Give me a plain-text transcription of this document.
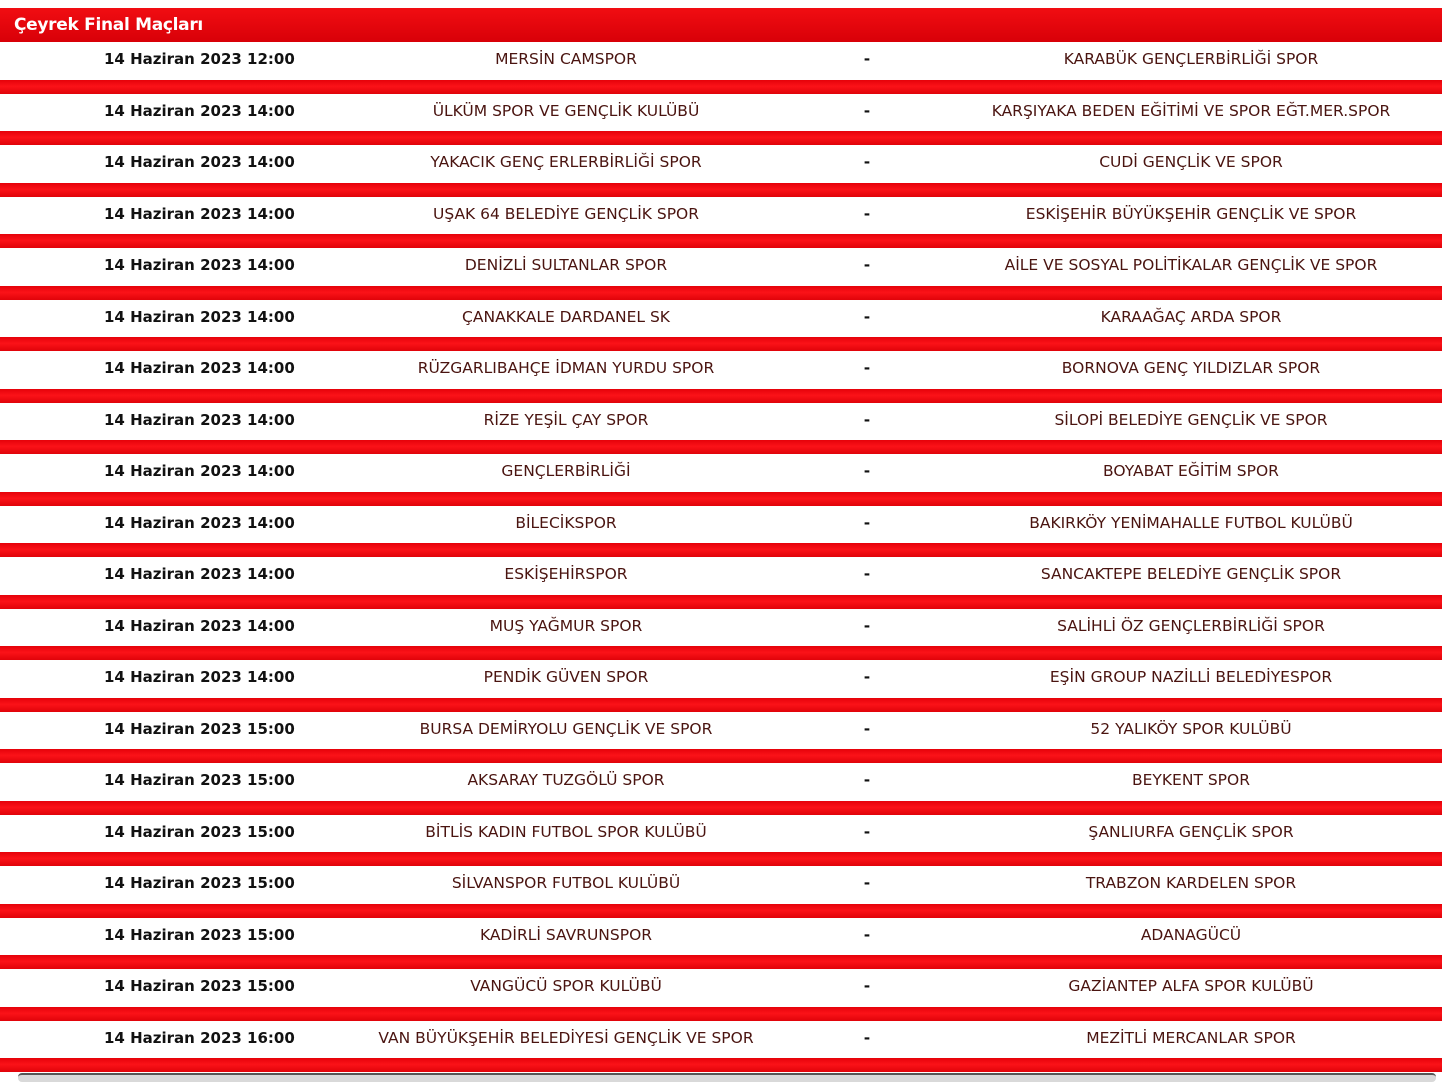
Çeyrek Final Maçları
14 Haziran 2023 12:00	MERSİN CAMSPOR	-	KARABÜK GENÇLERBİRLİĞİ SPOR
14 Haziran 2023 14:00	ÜLKÜM SPOR VE GENÇLİK KULÜBÜ	-	KARŞIYAKA BEDEN EĞİTİMİ VE SPOR EĞT.MER.SPOR
14 Haziran 2023 14:00	YAKACIK GENÇ ERLERBİRLİĞİ SPOR	-	CUDİ GENÇLİK VE SPOR
14 Haziran 2023 14:00	UŞAK 64 BELEDİYE GENÇLİK SPOR	-	ESKİŞEHİR BÜYÜKŞEHİR GENÇLİK VE SPOR
14 Haziran 2023 14:00	DENİZLİ SULTANLAR SPOR	-	AİLE VE SOSYAL POLİTİKALAR GENÇLİK VE SPOR
14 Haziran 2023 14:00	ÇANAKKALE DARDANEL SK	-	KARAAĞAÇ ARDA SPOR
14 Haziran 2023 14:00	RÜZGARLIBAHÇE İDMAN YURDU SPOR	-	BORNOVA GENÇ YILDIZLAR SPOR
14 Haziran 2023 14:00	RİZE YEŞİL ÇAY SPOR	-	SİLOPİ BELEDİYE GENÇLİK VE SPOR
14 Haziran 2023 14:00	GENÇLERBİRLİĞİ	-	BOYABAT EĞİTİM SPOR
14 Haziran 2023 14:00	BİLECİKSPOR	-	BAKIRKÖY YENİMAHALLE FUTBOL KULÜBÜ
14 Haziran 2023 14:00	ESKİŞEHİRSPOR	-	SANCAKTEPE BELEDİYE GENÇLİK SPOR
14 Haziran 2023 14:00	MUŞ YAĞMUR SPOR	-	SALİHLİ ÖZ GENÇLERBİRLİĞİ SPOR
14 Haziran 2023 14:00	PENDİK GÜVEN SPOR	-	EŞİN GROUP NAZİLLİ BELEDİYESPOR
14 Haziran 2023 15:00	BURSA DEMİRYOLU GENÇLİK VE SPOR	-	52 YALIKÖY SPOR KULÜBÜ
14 Haziran 2023 15:00	AKSARAY TUZGÖLÜ SPOR	-	BEYKENT SPOR
14 Haziran 2023 15:00	BİTLİS KADIN FUTBOL SPOR KULÜBÜ	-	ŞANLIURFA GENÇLİK SPOR
14 Haziran 2023 15:00	SİLVANSPOR FUTBOL KULÜBÜ	-	TRABZON KARDELEN SPOR
14 Haziran 2023 15:00	KADİRLİ SAVRUNSPOR	-	ADANAGÜCÜ
14 Haziran 2023 15:00	VANGÜCÜ SPOR KULÜBÜ	-	GAZİANTEP ALFA SPOR KULÜBÜ
14 Haziran 2023 16:00	VAN BÜYÜKŞEHİR BELEDİYESİ GENÇLİK VE SPOR	-	MEZİTLİ MERCANLAR SPOR
